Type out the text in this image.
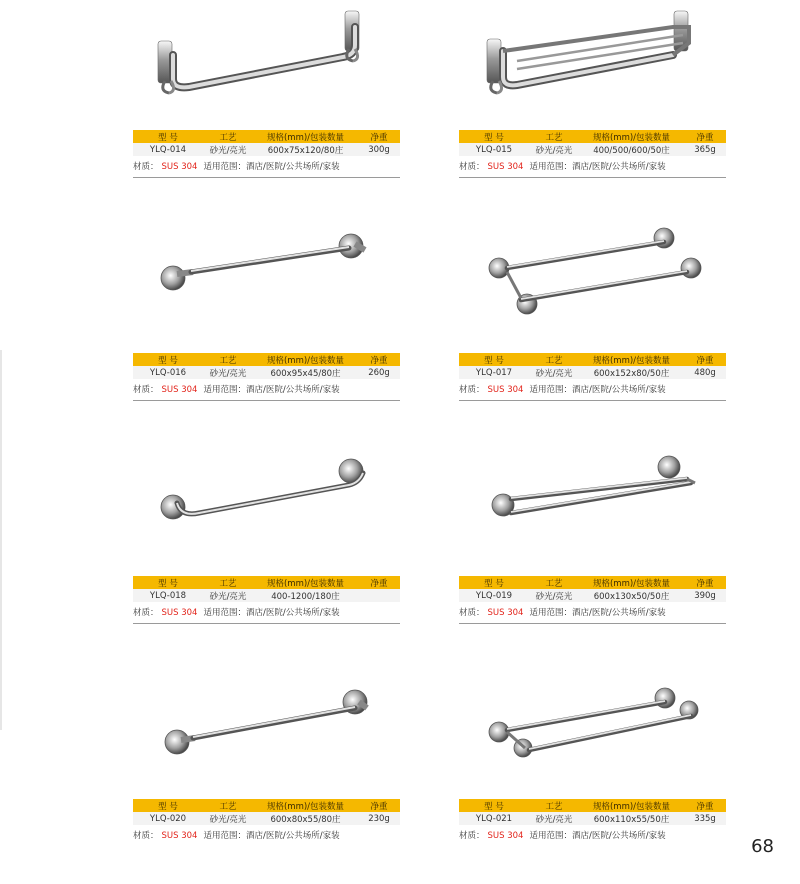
型 号	工艺	规格(mm)/包装数量	净重
YLQ-014	砂光/亮光	600x75x120/80庄	300g
材质： SUS 304 适用范围：酒店/医院/公共场所/家装
型 号	工艺	规格(mm)/包装数量	净重
YLQ-015	砂光/亮光	400/500/600/50庄	365g
材质： SUS 304 适用范围：酒店/医院/公共场所/家装
型 号	工艺	规格(mm)/包装数量	净重
YLQ-016	砂光/亮光	600x95x45/80庄	260g
材质： SUS 304 适用范围：酒店/医院/公共场所/家装
型 号	工艺	规格(mm)/包装数量	净重
YLQ-017	砂光/亮光	600x152x80/50庄	480g
材质： SUS 304 适用范围：酒店/医院/公共场所/家装
型 号	工艺	规格(mm)/包装数量	净重
YLQ-018	砂光/亮光	400-1200/180庄	
材质： SUS 304 适用范围：酒店/医院/公共场所/家装
型 号	工艺	规格(mm)/包装数量	净重
YLQ-019	砂光/亮光	600x130x50/50庄	390g
材质： SUS 304 适用范围：酒店/医院/公共场所/家装
型 号	工艺	规格(mm)/包装数量	净重
YLQ-020	砂光/亮光	600x80x55/80庄	230g
材质： SUS 304 适用范围：酒店/医院/公共场所/家装
型 号	工艺	规格(mm)/包装数量	净重
YLQ-021	砂光/亮光	600x110x55/50庄	335g
材质： SUS 304 适用范围：酒店/医院/公共场所/家装	68
